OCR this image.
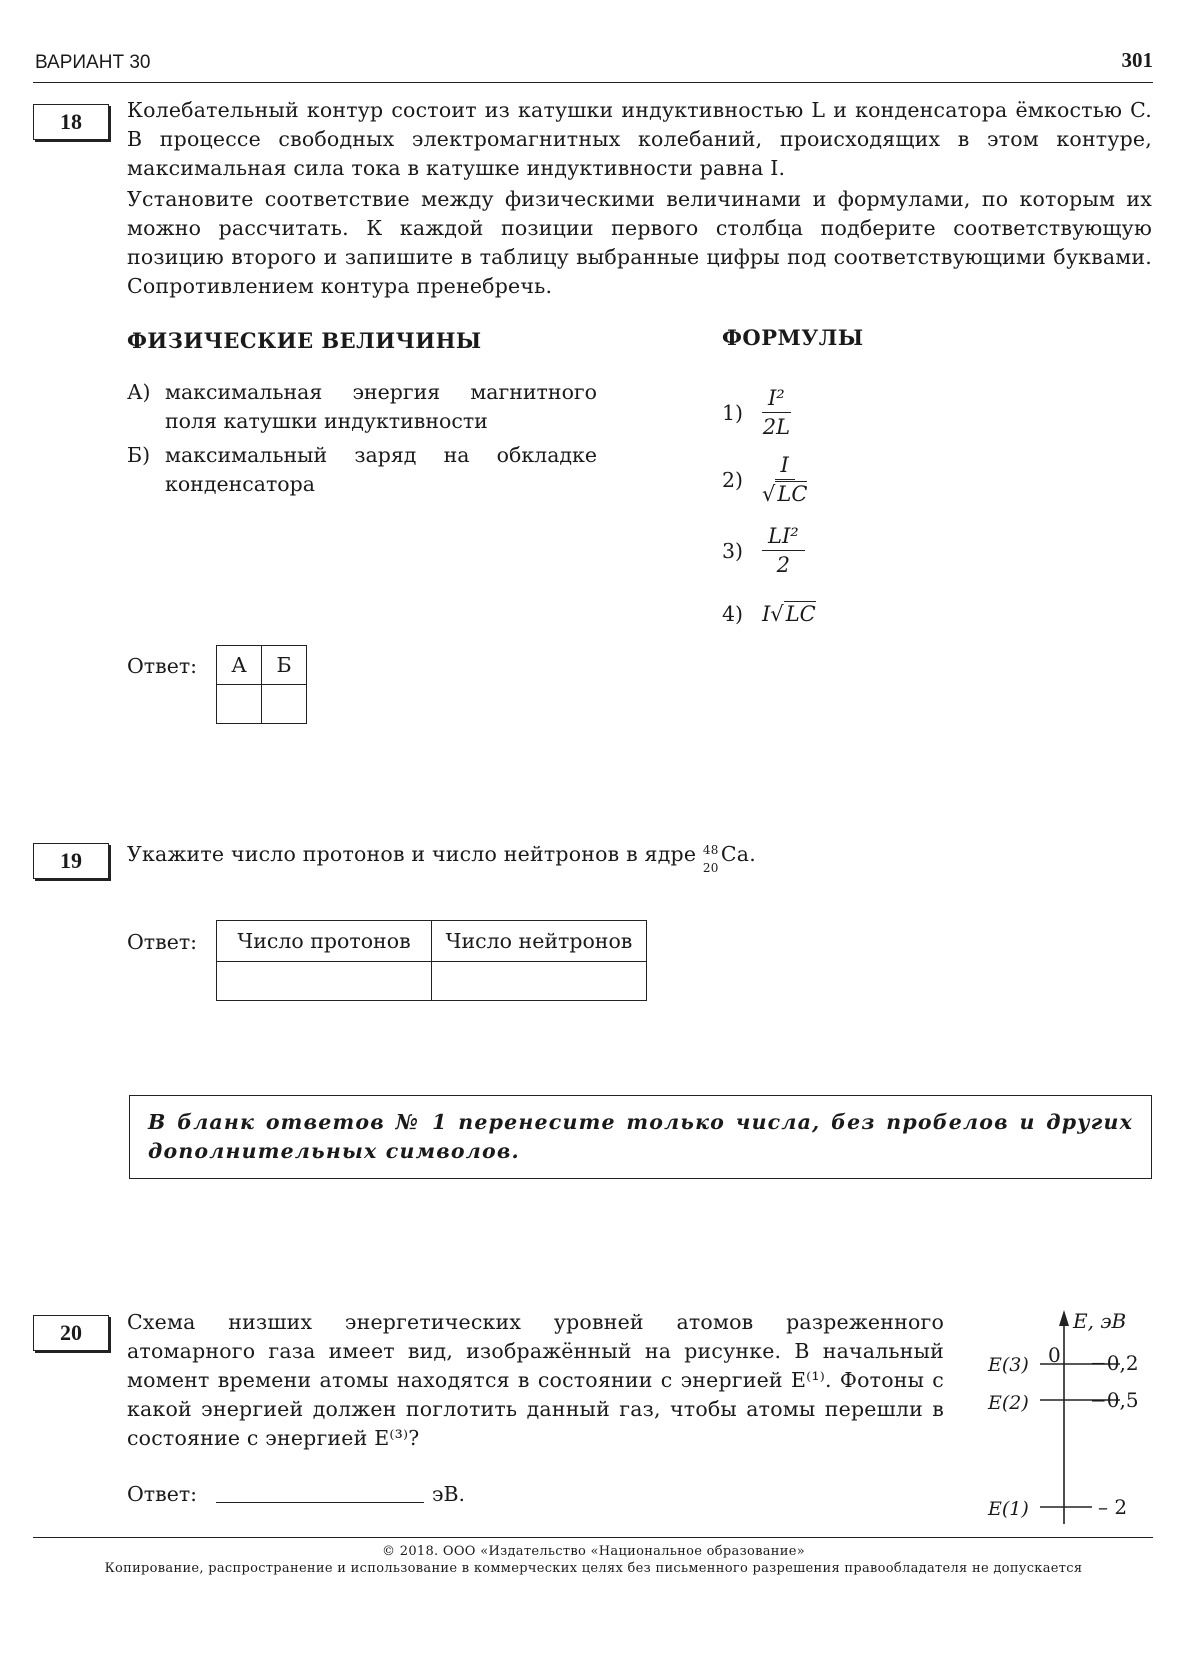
ВАРИАНТ 30	301
18	Колебательный контур состоит из катушки индуктивностью L и конденсатора ёмкостью C. В процессе свободных электромагнитных колебаний, происходящих в этом контуре, максимальная сила тока в катушке индуктивности равна I.
Установите соответствие между физическими величинами и формулами, по которым их можно рассчитать. К каждой позиции первого столбца подберите соответствующую позицию второго и запишите в таблицу выбранные цифры под соответствующими буквами. Сопротивлением контура пренебречь.
ФИЗИЧЕСКИЕ ВЕЛИЧИНЫ	ФОРМУЛЫ
А) максимальная энергия магнитного поля катушки индуктивности
Б) максимальный заряд на обкладке конденсатора
$1) \frac{\text{I²}}{2L}$
$2) \frac{I}{√LC}$
$3) \frac{\text{LI²}}{2}$
4) I√LC
Ответ: А	Б

19	Укажите число протонов и число нейтронов в ядре 48
20
Ca.
Ответ: Число протонов	Число нейтронов

В бланк ответов № 1 перенесите только числа, без пробелов и других дополнительных символов.
20	Схема низших энергетических уровней атомов разреженного атомарного газа имеет вид, изображённый на рисунке. В начальный момент времени атомы находятся в состоянии с энергией E⁽¹⁾. Фотоны с какой энергией должен поглотить данный газ, чтобы атомы перешли в состояние с энергией E⁽³⁾?
Ответ:	эВ.
E, эВ
0
E(3)	−0,2
E(2)	−0,5
E(1)	– 2
© 2018. ООО «Издательство «Национальное образование»
Копирование, распространение и использование в коммерческих целях без письменного разрешения правообладателя не допускается
